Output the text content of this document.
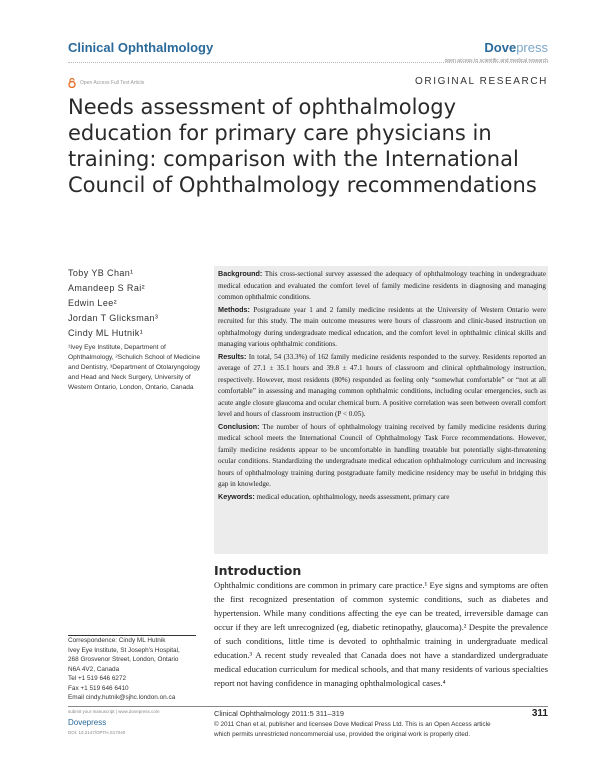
Clinical Ophthalmology	Dovepress
open access to scientific and medical research
Open Access Full Text Article	ORIGINAL RESEARCH
Needs assessment of ophthalmology education for primary care physicians in training: comparison with the International Council of Ophthalmology recommendations
Toby YB Chan¹
Amandeep S Rai²
Edwin Lee²
Jordan T Glicksman³
Cindy ML Hutnik¹
¹Ivey Eye Institute, Department of Ophthalmology, ²Schulich School of Medicine and Dentistry, ³Department of Otolaryngology and Head and Neck Surgery, University of Western Ontario, London, Ontario, Canada

Background: This cross-sectional survey assessed the adequacy of ophthalmology teaching in undergraduate medical education and evaluated the comfort level of family medicine residents in diagnosing and managing common ophthalmic conditions.

Methods: Postgraduate year 1 and 2 family medicine residents at the University of Western Ontario were recruited for this study. The main outcome measures were hours of classroom and clinic-based instruction on ophthalmology during undergraduate medical education, and the comfort level in ophthalmic clinical skills and managing various ophthalmic conditions.

Results: In total, 54 (33.3%) of 162 family medicine residents responded to the survey. Residents reported an average of 27.1 ± 35.1 hours and 39.8 ± 47.1 hours of classroom and clinical ophthalmology instruction, respectively. However, most residents (80%) responded as feeling only “somewhat comfortable” or “not at all comfortable” in assessing and managing common ophthalmic conditions, including ocular emergencies, such as acute angle closure glaucoma and ocular chemical burn. A positive correlation was seen between overall comfort level and hours of classroom instruction (P < 0.05).

Conclusion: The number of hours of ophthalmology training received by family medicine residents during medical school meets the International Council of Ophthalmology Task Force recommendations. However, family medicine residents appear to be uncomfortable in handling treatable but potentially sight-threatening ocular conditions. Standardizing the undergraduate medical education ophthalmology curriculum and increasing hours of ophthalmology training during postgraduate family medicine residency may be useful in bridging this gap in knowledge.

Keywords: medical education, ophthalmology, needs assessment, primary care

Introduction
Ophthalmic conditions are common in primary care practice.¹ Eye signs and symptoms are often the first recognized presentation of common systemic conditions, such as diabetes and hypertension. While many conditions affecting the eye can be treated, irreversible damage can occur if they are left unrecognized (eg, diabetic retinopathy, glaucoma).² Despite the prevalence of such conditions, little time is devoted to ophthalmic training in undergraduate medical education.³ A recent study revealed that Canada does not have a standardized undergraduate medical education curriculum for medical schools, and that many residents of various specialties report not having confidence in managing ophthalmological cases.⁴
Correspondence: Cindy ML Hutnik
Ivey Eye Institute, St Joseph’s Hospital,
268 Grosvenor Street, London, Ontario
N6A 4V2, Canada
Tel +1 519 646 6272
Fax +1 519 646 6410
Email cindy.hutnik@sjhc.london.on.ca
submit your manuscript | www.dovepress.com
Dovepress
DOI: 10.2147/OPTH.S17040
Clinical Ophthalmology 2011:5 311–319	311
© 2011 Chan et al, publisher and licensee Dove Medical Press Ltd. This is an Open Access article
which permits unrestricted noncommercial use, provided the original work is properly cited.
